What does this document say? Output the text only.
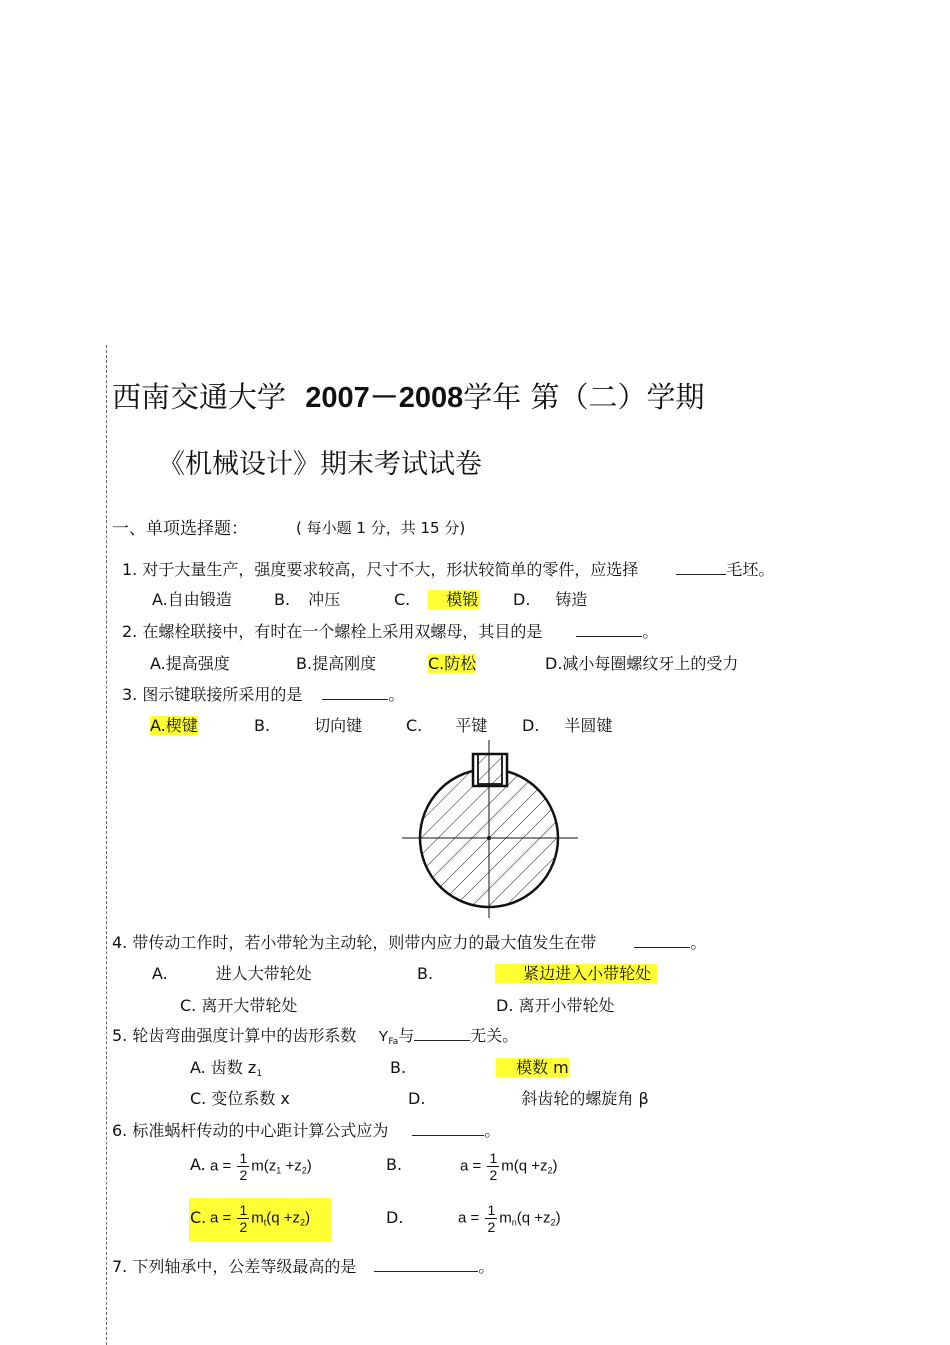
西南交通大学 2007－2008学年 第（二）学期
《机械设计》期末考试试卷
一、单项选择题：	( 每小题 1 分，共 15 分)
1. 对于大量生产，强度要求较高，尺寸不大，形状较简单的零件，应选择	毛坯。
A.自由锻造	B. 冲压	C. 模锻 D. 铸造
2. 在螺栓联接中，有时在一个螺栓上采用双螺母，其目的是	。
A.提高强度	B.提高刚度	C.防松	D.减小每圈螺纹牙上的受力
3. 图示键联接所采用的是	。
A.楔键	B.	切向键	C. 平键 D. 半圆键
4. 带传动工作时，若小带轮为主动轮，则带内应力的最大值发生在带	。
A.	进人大带轮处	B.	紧边进入小带轮处
C. 离开大带轮处	D. 离开小带轮处
5. 轮齿弯曲强度计算中的齿形系数 $Y_{Fa}$与	无关。
A. 齿数 $z_1$	B.	模数 m
C. 变位系数 x	D.	斜齿轮的螺旋角 β
6. 标准蜗杆传动的中心距计算公式应为	。
A. $a = \frac{1}{2} m(z_1 +z_2)$	B.	$a = \frac{1}{2} m(q +z_2)$
C. $a = \frac{1}{2} m_t(q +z_2)$	D.	$a = \frac{1}{2} m_n(q +z_2)$
7. 下列轴承中，公差等级最高的是	。
